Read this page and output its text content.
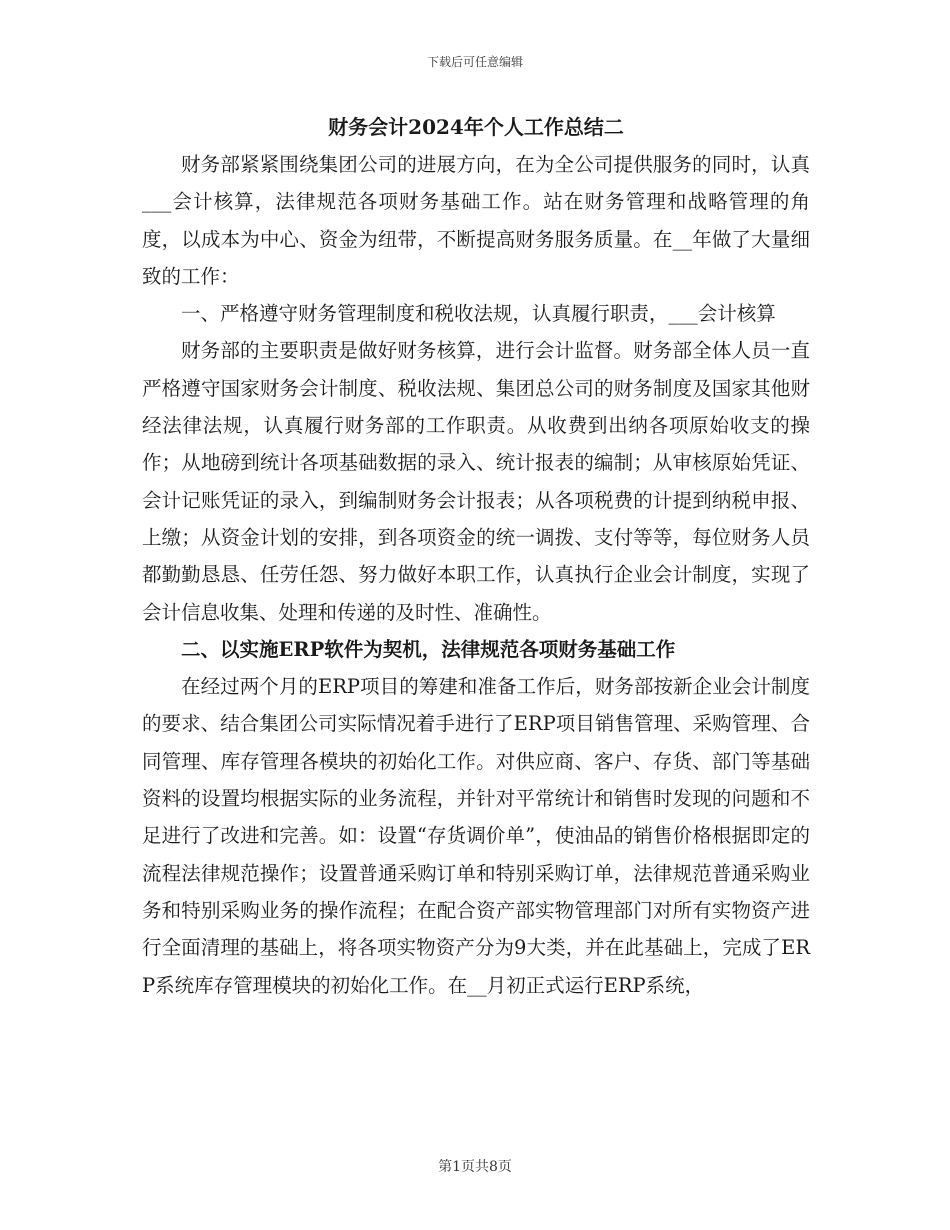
下载后可任意编辑
财务会计2024年个人工作总结二

财务部紧紧围绕集团公司的进展方向，在为全公司提供服务的同时，认真___会计核算，法律规范各项财务基础工作。站在财务管理和战略管理的角度，以成本为中心、资金为纽带，不断提高财务服务质量。在__年做了大量细致的工作：

一、严格遵守财务管理制度和税收法规，认真履行职责，___会计核算

财务部的主要职责是做好财务核算，进行会计监督。财务部全体人员一直严格遵守国家财务会计制度、税收法规、集团总公司的财务制度及国家其他财经法律法规，认真履行财务部的工作职责。从收费到出纳各项原始收支的操作；从地磅到统计各项基础数据的录入、统计报表的编制；从审核原始凭证、会计记账凭证的录入，到编制财务会计报表；从各项税费的计提到纳税申报、上缴；从资金计划的安排，到各项资金的统一调拨、支付等等，每位财务人员都勤勤恳恳、任劳任怨、努力做好本职工作，认真执行企业会计制度，实现了会计信息收集、处理和传递的及时性、准确性。

二、以实施ERP软件为契机，法律规范各项财务基础工作

在经过两个月的ERP项目的筹建和准备工作后，财务部按新企业会计制度的要求、结合集团公司实际情况着手进行了ERP项目销售管理、采购管理、合同管理、库存管理各模块的初始化工作。对供应商、客户、存货、部门等基础资料的设置均根据实际的业务流程，并针对平常统计和销售时发现的问题和不足进行了改进和完善。如：设置“存货调价单”，使油品的销售价格根据即定的流程法律规范操作；设置普通采购订单和特别采购订单，法律规范普通采购业务和特别采购业务的操作流程；在配合资产部实物管理部门对所有实物资产进行全面清理的基础上，将各项实物资产分为9大类，并在此基础上，完成了ERP系统库存管理模块的初始化工作。在__月初正式运行ERP系统，

第1页共8页
